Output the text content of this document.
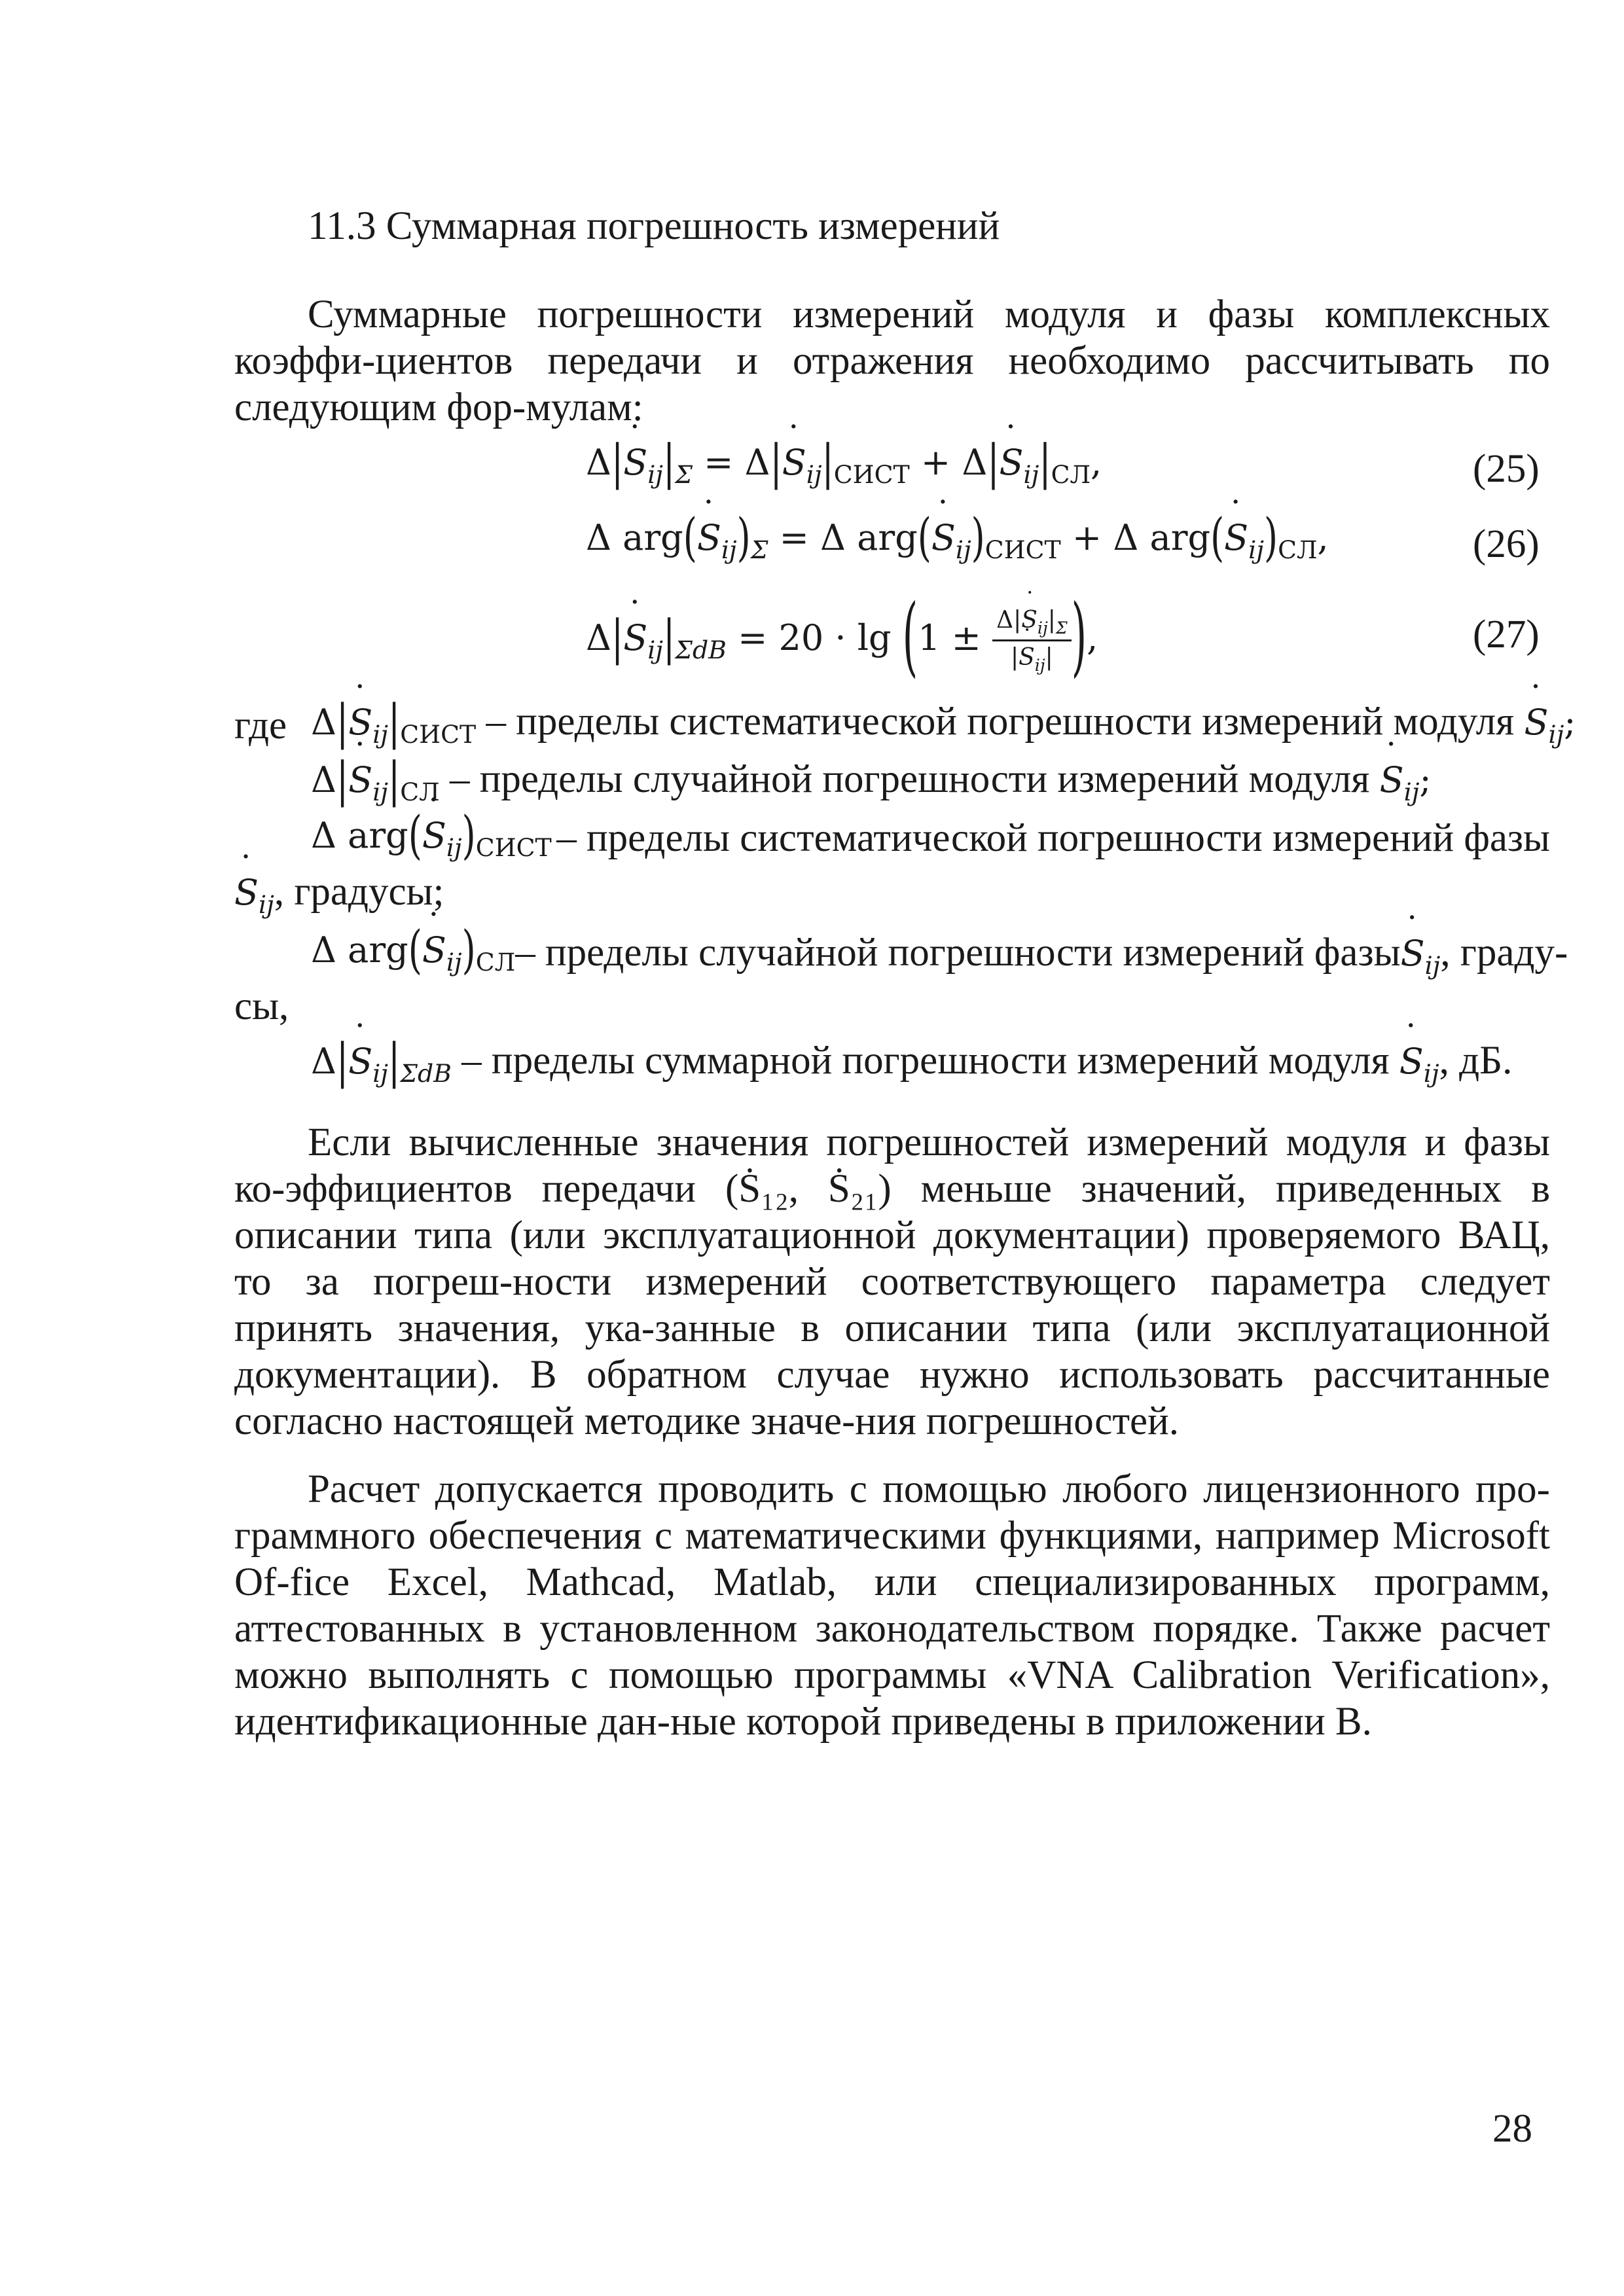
11.3 Суммарная погрешность измерений
Суммарные погрешности измерений модуля и фазы комплексных коэффи-циентов передачи и отражения необходимо рассчитывать по следующим фор-мулам:
Δ|˙ $S_{ij}|_\Sigma$ = Δ|˙ $S_{ij}|_{СИСТ}$ + Δ|˙ $S_{ij}|_{СЛ}$,	(25)
Δ arg(˙ $S_{ij})_\Sigma = \Delta$ arg(˙ $S_{ij})_{СИСТ} + \Delta$ arg(˙ $S_{ij})_{СЛ}$,	(26)
Δ|˙ $S_{ij}|_{\Sigma dB} = 20 \cdot \lg (1 \pm \frac{\Delta|˙ S_{ij}|_\Sigma}{|˙ S_{ij}|}$ ),	(27)
где Δ|˙ $S_{ij}|_{СИСТ}$ – пределы систематической погрешности измерений модуля ˙ $S_{ij}$;
Δ|˙ $S_{ij}|_{СЛ}$ – пределы случайной погрешности измерений модуля ˙ $S_{ij}$;
Δ arg(˙ $S_{ij})_{СИСТ}$ – пределы систематической погрешности измерений фазы
˙ $S_{ij}$, градусы;
Δ arg(˙ $S_{ij})_{СЛ}$ – пределы случайной погрешности измерений фазы ˙ $S_{ij}$, граду-
сы,
Δ|˙ $S_{ij}|_{\Sigma dB}$ – пределы суммарной погрешности измерений модуля ˙ $S_{ij}$, дБ.
Если вычисленные значения погрешностей измерений модуля и фазы ко-эффициентов передачи (Ṡ₁₂, Ṡ₂₁) меньше значений, приведенных в описании типа (или эксплуатационной документации) проверяемого ВАЦ, то за погреш-ности измерений соответствующего параметра следует принять значения, ука-занные в описании типа (или эксплуатационной документации). В обратном случае нужно использовать рассчитанные согласно настоящей методике значе-ния погрешностей.
Расчет допускается проводить с помощью любого лицензионного про-граммного обеспечения с математическими функциями, например Microsoft Of-fice Excel, Mathcad, Matlab, или специализированных программ, аттестованных в установленном законодательством порядке. Также расчет можно выполнять с помощью программы «VNA Calibration Verification», идентификационные дан-ные которой приведены в приложении В.
28
